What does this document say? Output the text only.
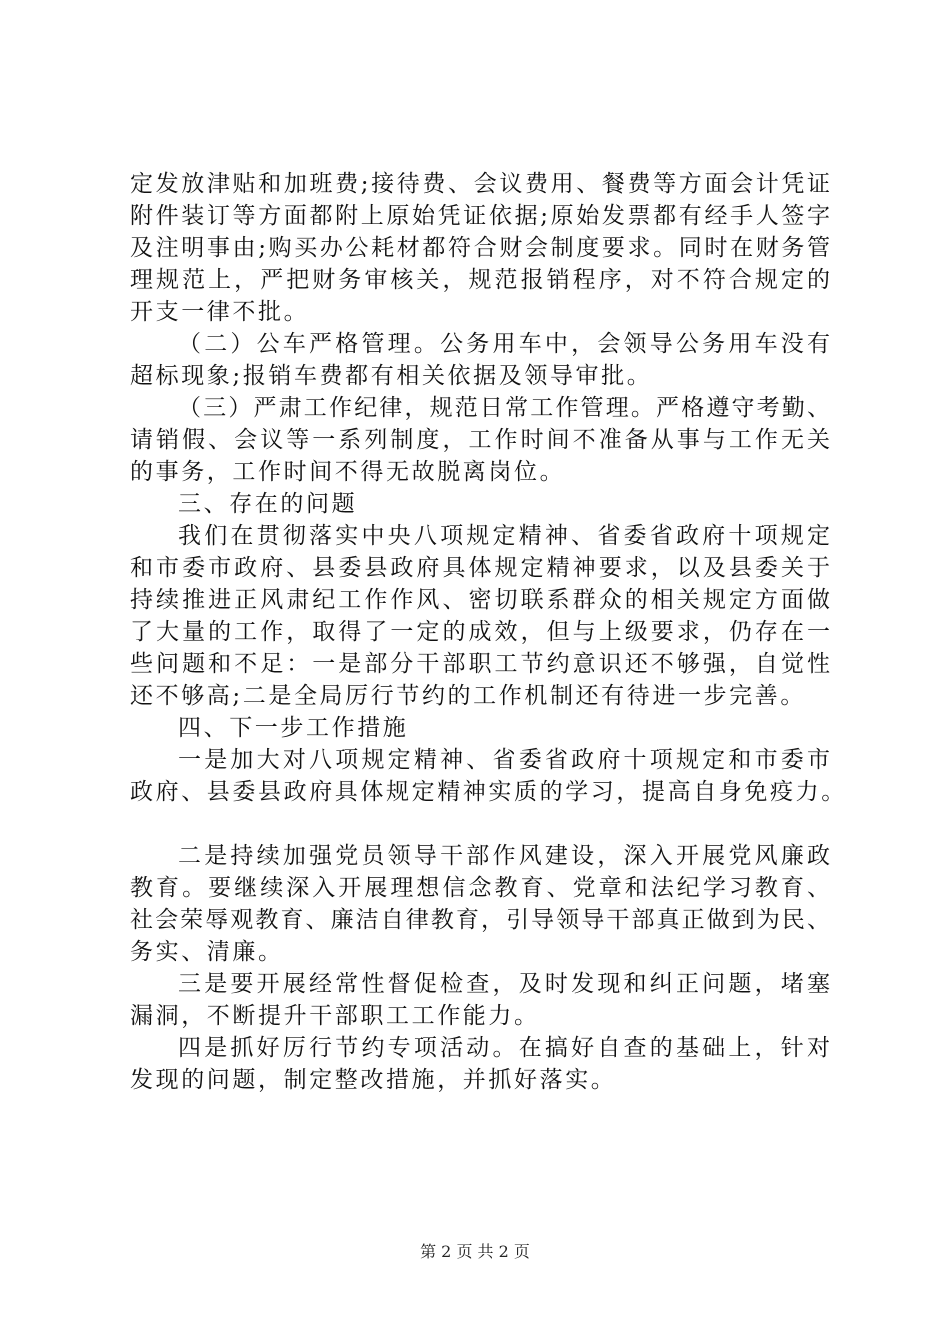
定发放津贴和加班费;接待费、会议费用、餐费等方面会计凭证
附件装订等方面都附上原始凭证依据;原始发票都有经手人签字
及注明事由;购买办公耗材都符合财会制度要求。同时在财务管
理规范上，严把财务审核关，规范报销程序，对不符合规定的
开支一律不批。
（二）公车严格管理。公务用车中，会领导公务用车没有
超标现象;报销车费都有相关依据及领导审批。
（三）严肃工作纪律，规范日常工作管理。严格遵守考勤、
请销假、会议等一系列制度，工作时间不准备从事与工作无关
的事务，工作时间不得无故脱离岗位。
三、存在的问题
我们在贯彻落实中央八项规定精神、省委省政府十项规定
和市委市政府、县委县政府具体规定精神要求，以及县委关于
持续推进正风肃纪工作作风、密切联系群众的相关规定方面做
了大量的工作，取得了一定的成效，但与上级要求，仍存在一
些问题和不足：一是部分干部职工节约意识还不够强，自觉性
还不够高;二是全局厉行节约的工作机制还有待进一步完善。
四、下一步工作措施
一是加大对八项规定精神、省委省政府十项规定和市委市
政府、县委县政府具体规定精神实质的学习，提高自身免疫力。
二是持续加强党员领导干部作风建设，深入开展党风廉政
教育。要继续深入开展理想信念教育、党章和法纪学习教育、
社会荣辱观教育、廉洁自律教育，引导领导干部真正做到为民、
务实、清廉。
三是要开展经常性督促检查，及时发现和纠正问题，堵塞
漏洞，不断提升干部职工工作能力。
四是抓好厉行节约专项活动。在搞好自查的基础上，针对
发现的问题，制定整改措施，并抓好落实。
第 2 页 共 2 页
